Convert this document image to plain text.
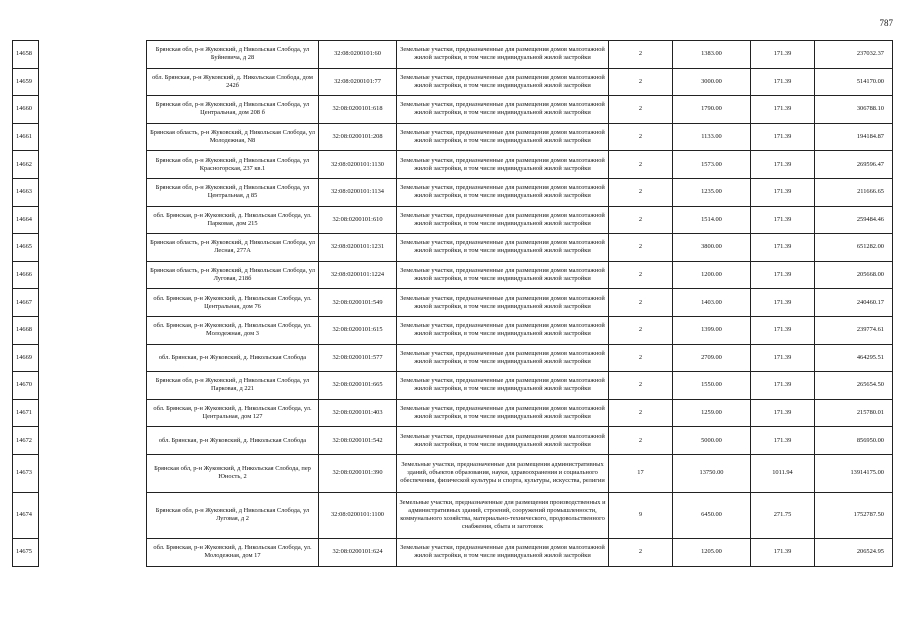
787
14658		Брянская обл, р-н Жуковский, д Никольская Слобода, ул Буйневича, д 28	32:08:0200101:60	Земельные участки, предназначенные для размещения домов малоэтажной жилой застройки, в том числе индивидуальной жилой застройки	2	1383.00	171.39	237032.37
14659		обл. Брянская, р-н Жуковский, д. Никольская Слобода, дом 242б	32:08:0200101:77	Земельные участки, предназначенные для размещения домов малоэтажной жилой застройки, в том числе индивидуальной жилой застройки	2	3000.00	171.39	514170.00
14660		Брянская обл, р-н Жуковский, д Никольская Слобода, ул Центральная, дом 208 б	32:08:0200101:618	Земельные участки, предназначенные для размещения домов малоэтажной жилой застройки, в том числе индивидуальной жилой застройки	2	1790.00	171.39	306788.10
14661		Брянская область, р-н Жуковский, д Никольская Слобода, ул Молодежная, N8	32:08:0200101:208	Земельные участки, предназначенные для размещения домов малоэтажной жилой застройки, в том числе индивидуальной жилой застройки	2	1133.00	171.39	194184.87
14662		Брянская обл, р-н Жуковский, д Никольская Слобода, ул Красногорская, 237 кв.1	32:08:0200101:1130	Земельные участки, предназначенные для размещения домов малоэтажной жилой застройки, в том числе индивидуальной жилой застройки	2	1573.00	171.39	269596.47
14663		Брянская обл, р-н Жуковский, д Никольская Слобода, ул Центральная, д 85	32:08:0200101:1134	Земельные участки, предназначенные для размещения домов малоэтажной жилой застройки, в том числе индивидуальной жилой застройки	2	1235.00	171.39	211666.65
14664		обл. Брянская, р-н Жуковский, д. Никольская Слобода, ул. Парковая, дом 215	32:08:0200101:610	Земельные участки, предназначенные для размещения домов малоэтажной жилой застройки, в том числе индивидуальной жилой застройки	2	1514.00	171.39	259484.46
14665		Брянская область, р-н Жуковский, д Никольская Слобода, ул Лесная, 277А	32:08:0200101:1231	Земельные участки, предназначенные для размещения домов малоэтажной жилой застройки, в том числе индивидуальной жилой застройки	2	3800.00	171.39	651282.00
14666		Брянская область, р-н Жуковский, д Никольская Слобода, ул Луговая, 218б	32:08:0200101:1224	Земельные участки, предназначенные для размещения домов малоэтажной жилой застройки, в том числе индивидуальной жилой застройки	2	1200.00	171.39	205668.00
14667		обл. Брянская, р-н Жуковский, д. Никольская Слобода, ул. Центральная, дом 76	32:08:0200101:549	Земельные участки, предназначенные для размещения домов малоэтажной жилой застройки, в том числе индивидуальной жилой застройки	2	1403.00	171.39	240460.17
14668		обл. Брянская, р-н Жуковский, д. Никольская Слобода, ул. Молодежная, дом 3	32:08:0200101:615	Земельные участки, предназначенные для размещения домов малоэтажной жилой застройки, в том числе индивидуальной жилой застройки	2	1399.00	171.39	239774.61
14669		обл. Брянская, р-н Жуковский, д. Никольская Слобода	32:08:0200101:577	Земельные участки, предназначенные для размещения домов малоэтажной жилой застройки, в том числе индивидуальной жилой застройки	2	2709.00	171.39	464295.51
14670		Брянская обл, р-н Жуковский, д Никольская Слобода, ул Парковая, д 221	32:08:0200101:665	Земельные участки, предназначенные для размещения домов малоэтажной жилой застройки, в том числе индивидуальной жилой застройки	2	1550.00	171.39	265654.50
14671		обл. Брянская, р-н Жуковский, д. Никольская Слобода, ул. Центральная, дом 127	32:08:0200101:403	Земельные участки, предназначенные для размещения домов малоэтажной жилой застройки, в том числе индивидуальной жилой застройки	2	1259.00	171.39	215780.01
14672		обл. Брянская, р-н Жуковский, д. Никольская Слобода	32:08:0200101:542	Земельные участки, предназначенные для размещения домов малоэтажной жилой застройки, в том числе индивидуальной жилой застройки	2	5000.00	171.39	856950.00
14673		Брянская обл, р-н Жуковский, д Никольская Слобода, пер Юность, 2	32:08:0200101:390	Земельные участки, предназначенные для размещения административных зданий, объектов образования, науки, здравоохранения и социального обеспечения, физической культуры и спорта, культуры, искусства, религии	17	13750.00	1011.94	13914175.00
14674		Брянская обл, р-н Жуковский, д Никольская Слобода, ул Луговая, д 2	32:08:0200101:1100	Земельные участки, предназначенные для размещения производственных и административных зданий, строений, сооружений промышленности, коммунального хозяйства, материально-технического, продовольственного снабжения, сбыта и заготовок	9	6450.00	271.75	1752787.50
14675		обл. Брянская, р-н Жуковский, д. Никольская Слобода, ул. Молодежная, дом 17	32:08:0200101:624	Земельные участки, предназначенные для размещения домов малоэтажной жилой застройки, в том числе индивидуальной жилой застройки	2	1205.00	171.39	206524.95
